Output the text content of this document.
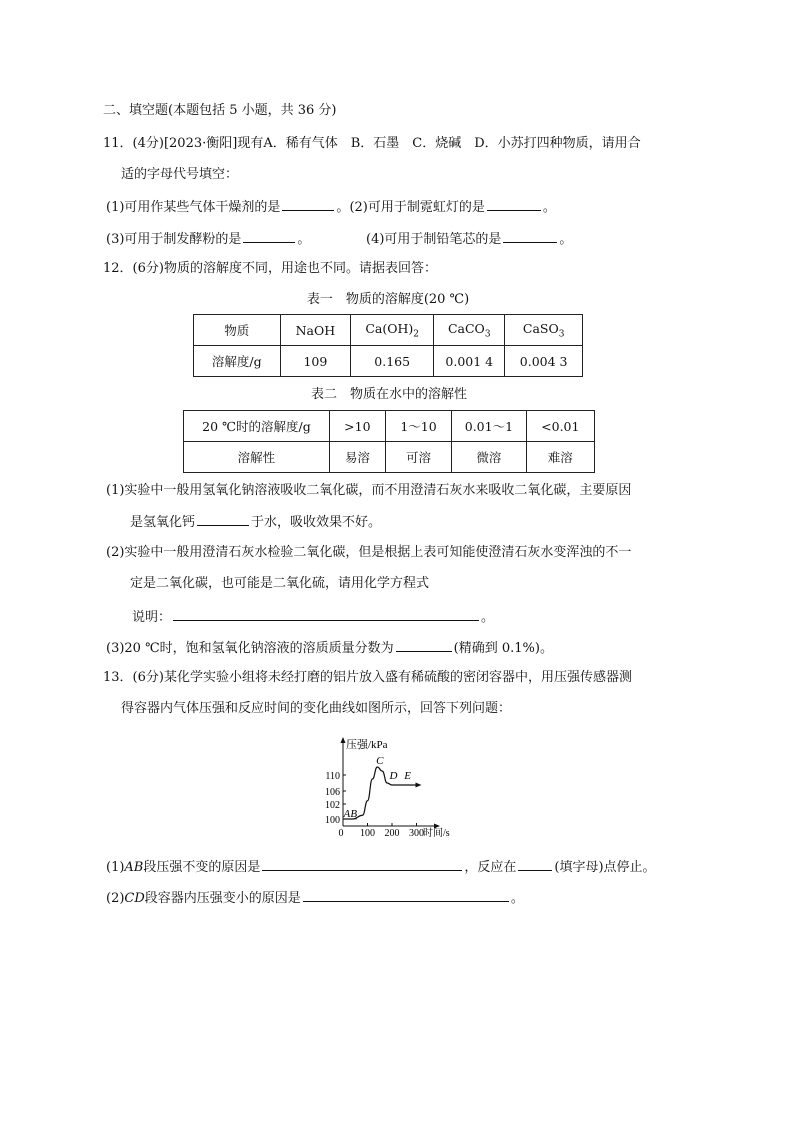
二、填空题(本题包括 5 小题，共 36 分)
11．(4分)[2023·衡阳]现有A．稀有气体　B．石墨　C．烧碱　D．小苏打四种物质，请用合
适的字母代号填空：
(1)可用作某些气体干燥剂的是	。(2)可用于制霓虹灯的是	。
(3)可用于制发酵粉的是	。	(4)可用于制铅笔芯的是	。
12．(6分)物质的溶解度不同，用途也不同。请据表回答：
表一　物质的溶解度(20 ℃)
物质	NaOH	$Ca(OH)_2$	CaCO$_3$	CaSO$_3$
溶解度/g	109	0.165	0.001 4	0.004 3
表二　物质在水中的溶解性
20 ℃时的溶解度/g	>10	1～10	0.01～1	<0.01
溶解性	易溶	可溶	微溶	难溶
(1)实验中一般用氢氧化钠溶液吸收二氧化碳，而不用澄清石灰水来吸收二氧化碳，主要原因
是氢氧化钙	于水，吸收效果不好。
(2)实验中一般用澄清石灰水检验二氧化碳，但是根据上表可知能使澄清石灰水变浑浊的不一
定是二氧化碳，也可能是二氧化硫，请用化学方程式
说明：	。
(3)20 ℃时，饱和氢氧化钠溶液的溶质质量分数为	(精确到 0.1%)。
13．(6分)某化学实验小组将未经打磨的铝片放入盛有稀硫酸的密闭容器中，用压强传感器测
得容器内气体压强和反应时间的变化曲线如图所示，回答下列问题：
压强/kPa
时间/s
100
102
106
110
0 100 200 300
A B
C
D E
(1)AB段压强不变的原因是	，反应在	(填字母)点停止。
(2)CD段容器内压强变小的原因是	。
